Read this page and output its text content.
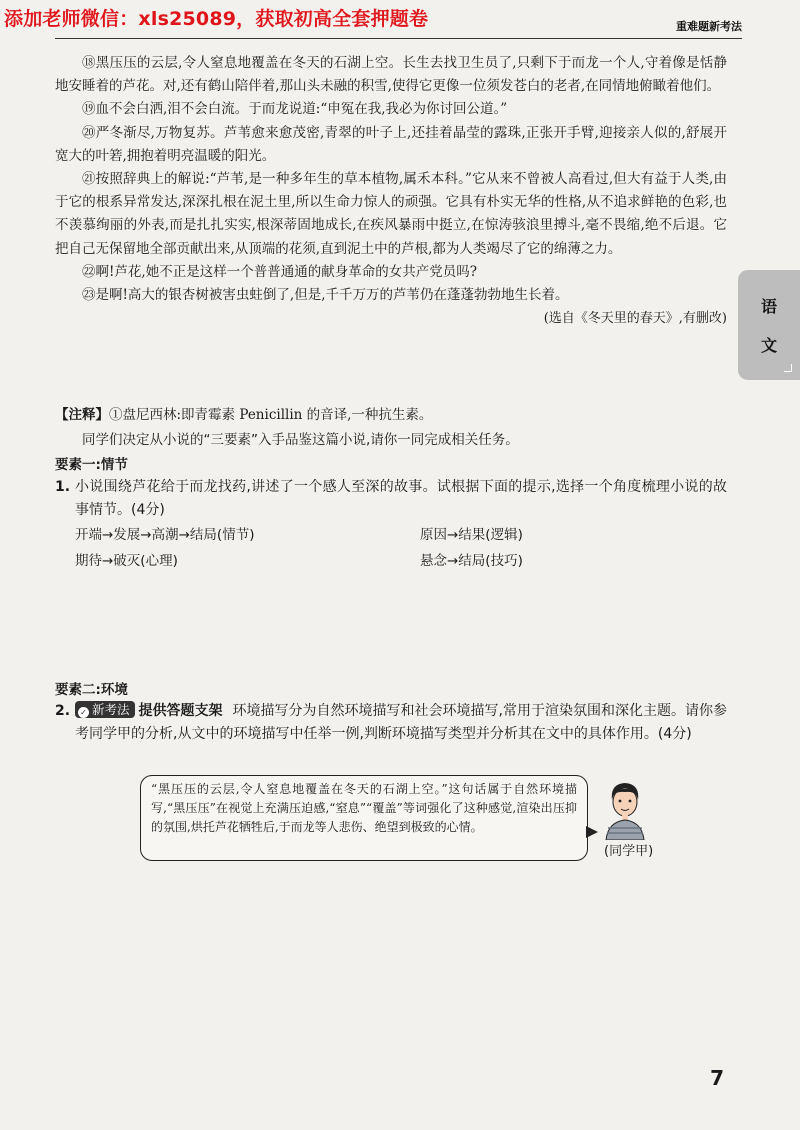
添加老师微信：xls25089，获取初高全套押题卷	重难题新考法
语
文

⑱黑压压的云层,令人窒息地覆盖在冬天的石湖上空。长生去找卫生员了,只剩下于而龙一个人,守着像是恬静地安睡着的芦花。对,还有鹤山陪伴着,那山头未融的积雪,使得它更像一位须发苍白的老者,在同情地俯瞰着他们。

⑲血不会白洒,泪不会白流。于而龙说道:“申冤在我,我必为你讨回公道。”

⑳严冬渐尽,万物复苏。芦苇愈来愈茂密,青翠的叶子上,还挂着晶莹的露珠,正张开手臂,迎接亲人似的,舒展开宽大的叶箬,拥抱着明亮温暖的阳光。

㉑按照辞典上的解说:“芦苇,是一种多年生的草本植物,属禾本科。”它从来不曾被人高看过,但大有益于人类,由于它的根系异常发达,深深扎根在泥土里,所以生命力惊人的顽强。它具有朴实无华的性格,从不追求鲜艳的色彩,也不羡慕绚丽的外表,而是扎扎实实,根深蒂固地成长,在疾风暴雨中挺立,在惊涛骇浪里搏斗,毫不畏缩,绝不后退。它把自己无保留地全部贡献出来,从顶端的花须,直到泥土中的芦根,都为人类竭尽了它的绵薄之力。

㉒啊!芦花,她不正是这样一个普普通通的献身革命的女共产党员吗?

㉓是啊!高大的银杏树被害虫蛀倒了,但是,千千万万的芦苇仍在蓬蓬勃勃地生长着。

(选自《冬天里的春天》,有删改)

【注释】①盘尼西林:即青霉素 Penicillin 的音译,一种抗生素。
同学们决定从小说的“三要素”入手品鉴这篇小说,请你一同完成相关任务。
要素一:情节
1. 小说围绕芦花给于而龙找药,讲述了一个感人至深的故事。试根据下面的提示,选择一个角度梳理小说的故事情节。(4分)
开端→发展→高潮→结局(情节)	原因→结果(逻辑)
期待→破灭(心理)	悬念→结局(技巧)
要素二:环境
2.	✓ 新考法 提供答题支架 环境描写分为自然环境描写和社会环境描写,常用于渲染氛围和深化主题。请你参考同学甲的分析,从文中的环境描写中任举一例,判断环境描写类型并分析其在文中的具体作用。(4分)
“黑压压的云层,令人窒息地覆盖在冬天的石湖上空。”这句话属于自然环境描写,“黑压压”在视觉上充满压迫感,“窒息”“覆盖”等词强化了这种感觉,渲染出压抑的氛围,烘托芦花牺牲后,于而龙等人悲伤、绝望到极致的心情。
(同学甲)
7
